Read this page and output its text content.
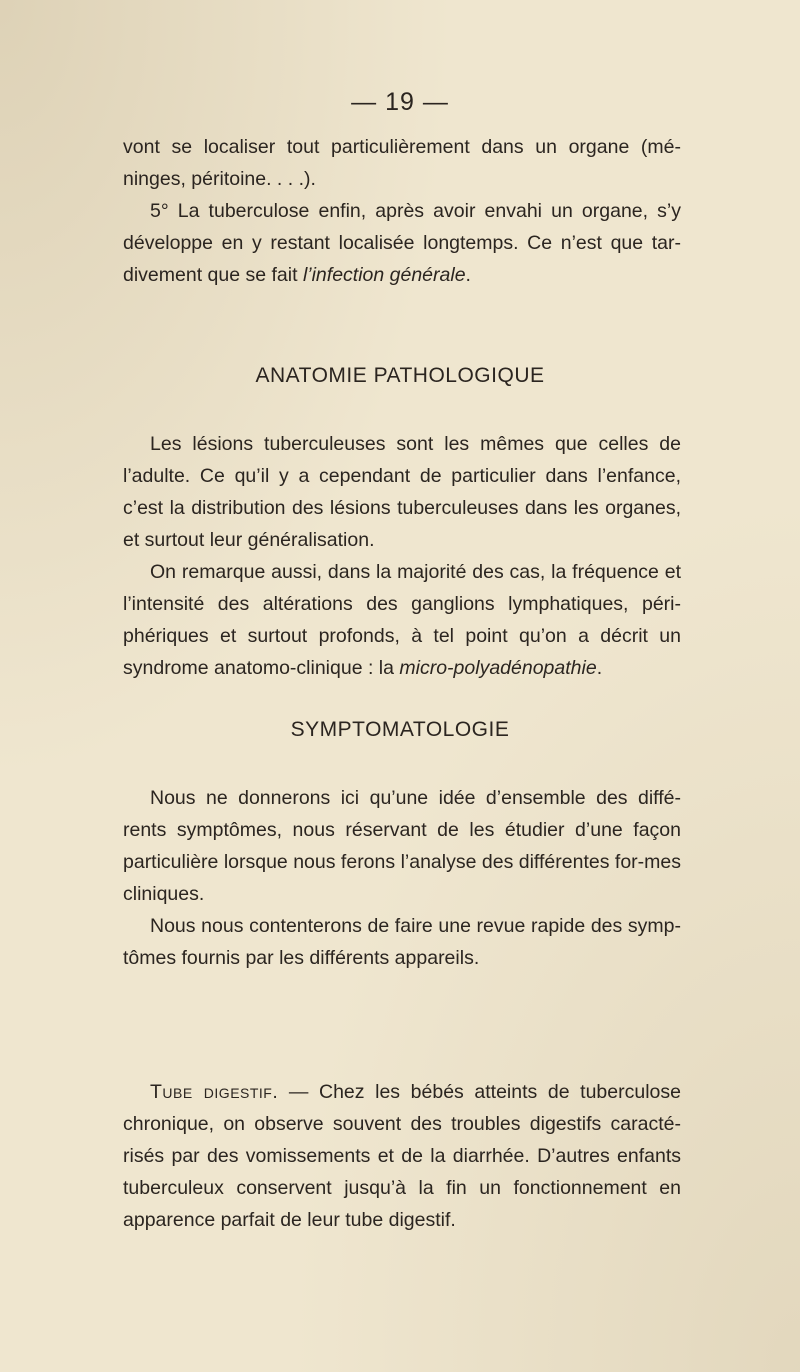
— 19 —

vont se localiser tout particulièrement dans un organe (mé-ninges, péritoine. . . .).

5° La tuberculose enfin, après avoir envahi un organe, s’y développe en y restant localisée longtemps. Ce n’est que tar-divement que se fait l’infection générale.

ANATOMIE PATHOLOGIQUE

Les lésions tuberculeuses sont les mêmes que celles de l’adulte. Ce qu’il y a cependant de particulier dans l’enfance, c’est la distribution des lésions tuberculeuses dans les organes, et surtout leur généralisation.

On remarque aussi, dans la majorité des cas, la fréquence et l’intensité des altérations des ganglions lymphatiques, péri-phériques et surtout profonds, à tel point qu’on a décrit un syndrome anatomo-clinique : la micro-polyadénopathie.

SYMPTOMATOLOGIE

Nous ne donnerons ici qu’une idée d’ensemble des diffé-rents symptômes, nous réservant de les étudier d’une façon particulière lorsque nous ferons l’analyse des différentes for-mes cliniques.

Nous nous contenterons de faire une revue rapide des symp-tômes fournis par les différents appareils.

Tube digestif. — Chez les bébés atteints de tuberculose chronique, on observe souvent des troubles digestifs caracté-risés par des vomissements et de la diarrhée. D’autres enfants tuberculeux conservent jusqu’à la fin un fonctionnement en apparence parfait de leur tube digestif.
